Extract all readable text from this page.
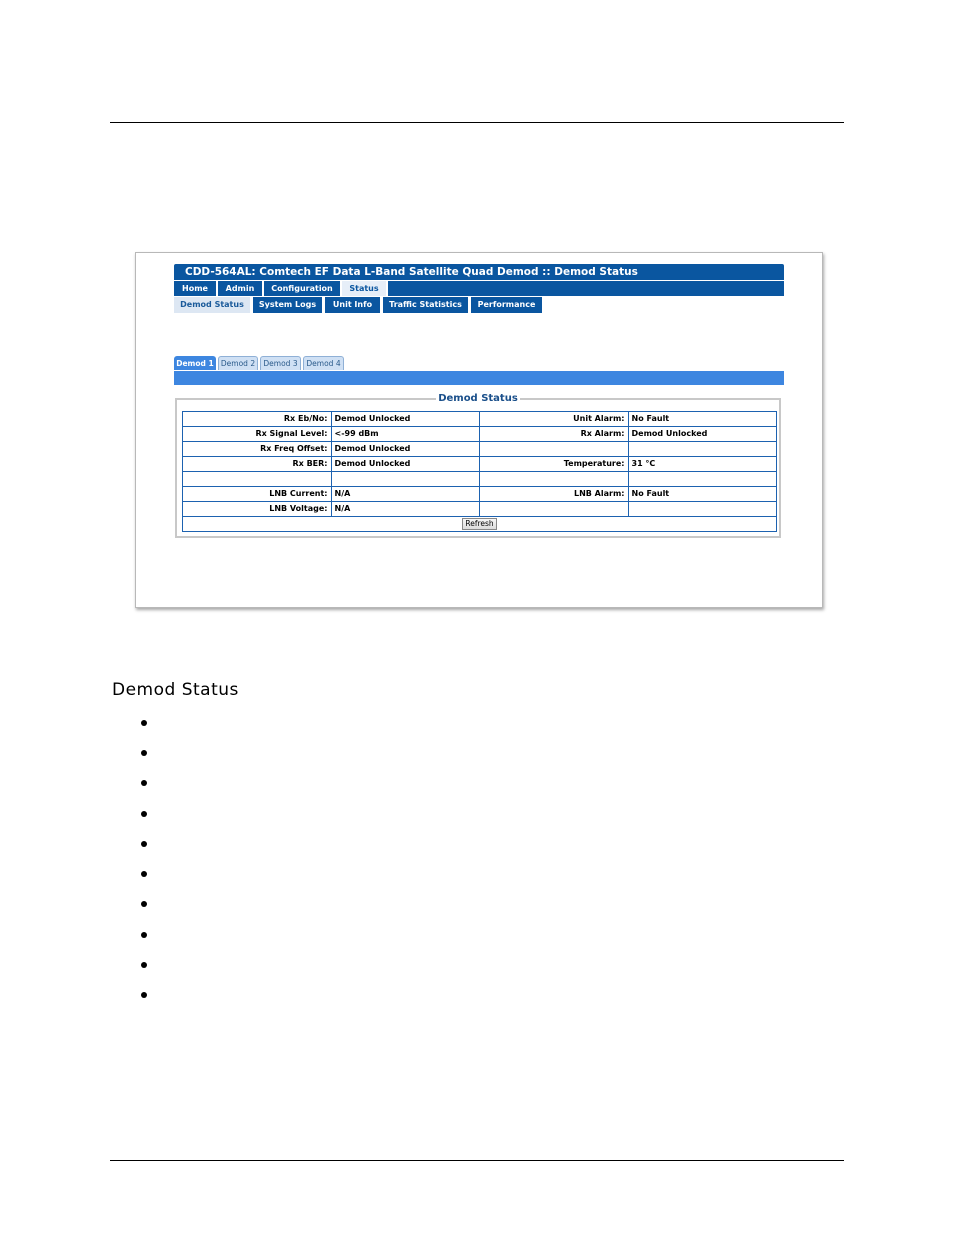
CDD-564AL: Comtech EF Data L-Band Satellite Quad Demod :: Demod Status
Home	Admin	Configuration	Status
Demod Status	System Logs	Unit Info	Traffic Statistics	Performance
Demod 1 Demod 2	Demod 3	Demod 4
Demod Status
Rx Eb/No:	Demod Unlocked	Unit Alarm:	No Fault
Rx Signal Level:	<-99 dBm	Rx Alarm:	Demod Unlocked
Rx Freq Offset:	Demod Unlocked		
Rx BER:	Demod Unlocked	Temperature:	31 °C

LNB Current:	N/A	LNB Alarm:	No Fault
LNB Voltage:	N/A		
Refresh			
Demod Status
